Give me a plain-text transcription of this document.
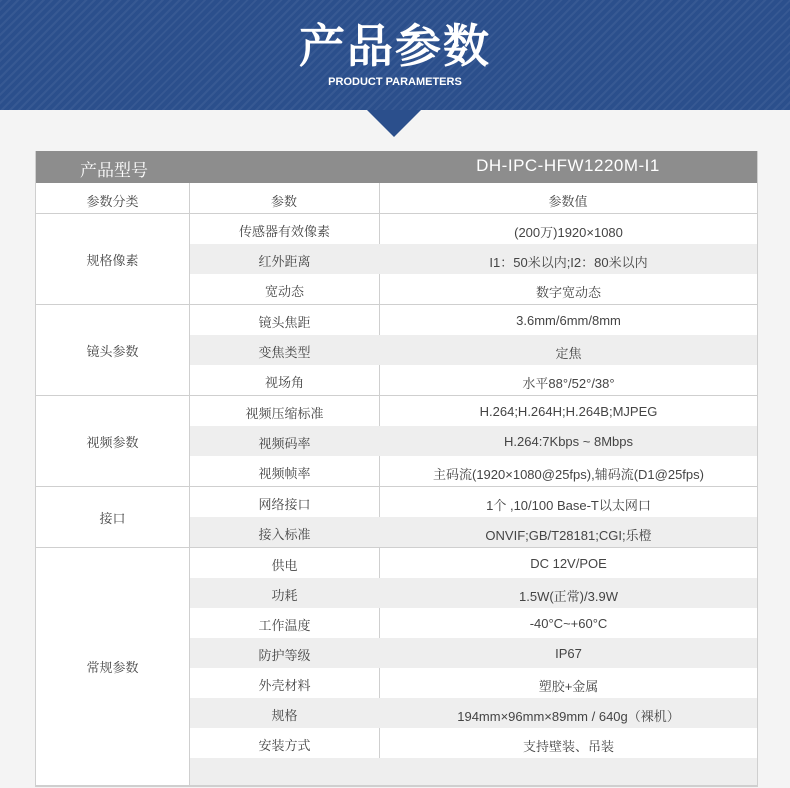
产品参数
PRODUCT PARAMETERS
产品型号	DH-IPC-HFW1220M-I1
参数分类	参数	参数值
规格像素
传感器有效像素	(200万)1920×1080
红外距离	I1：50米以内;I2：80米以内
宽动态	数字宽动态
镜头参数
镜头焦距	3.6mm/6mm/8mm
变焦类型	定焦
视场角	水平88°/52°/38°
视频参数
视频压缩标准	H.264;H.264H;H.264B;MJPEG
视频码率	H.264:7Kbps ~ 8Mbps
视频帧率	主码流(1920×1080@25fps),辅码流(D1@25fps)
接口
网络接口	1个 ,10/100 Base-T以太网口
接入标准	ONVIF;GB/T28181;CGI;乐橙
常规参数
供电	DC 12V/POE
功耗	1.5W(正常)/3.9W
工作温度	-40°C~+60°C
防护等级	IP67
外壳材料	塑胶+金属
规格	194mm×96mm×89mm / 640g（裸机）
安装方式	支持壁装、吊装
